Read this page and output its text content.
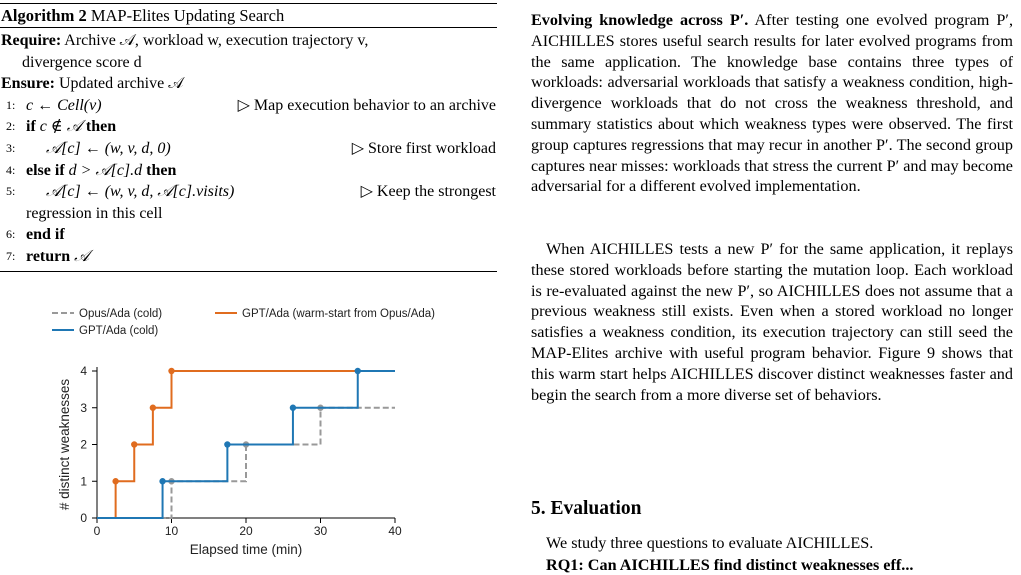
Algorithm 2 MAP-Elites Updating Search
Require: Archive 𝒜, workload w, execution trajectory v,
divergence score d
Ensure: Updated archive 𝒜
1: c ← Cell(v)	▷ Map execution behavior to an archive
2: if c ∉ 𝒜 then
3: 𝒜[c] ← (w, v, d, 0)	▷ Store first workload
4: else if d > 𝒜[c].d then
5: 𝒜[c] ← (w, v, d, 𝒜[c].visits)	▷ Keep the strongest
regression in this cell
6: end if
7: return 𝒜
0	10	20	30	40
0
1
2
3
4
Elapsed time (min)
# distinct weaknesses
Opus/Ada (cold)	GPT/Ada (warm-start from Opus/Ada)
GPT/Ada (cold)

Evolving knowledge across P′. After testing one evolved program P′, AICHILLES stores useful search results for later evolved programs from the same application. The knowledge base contains three types of workloads: adversarial workloads that satisfy a weakness condition, high-divergence workloads that do not cross the weakness threshold, and summary statistics about which weakness types were observed. The first group captures regressions that may recur in another P′. The second group captures near misses: workloads that stress the current P′ and may become adversarial for a different evolved implementation.

When AICHILLES tests a new P′ for the same application, it replays these stored workloads before starting the mutation loop. Each workload is re-evaluated against the new P′, so AICHILLES does not assume that a previous weakness still exists. Even when a stored workload no longer satisfies a weakness condition, its execution trajectory can still seed the MAP-Elites archive with useful program behavior. Figure 9 shows that this warm start helps AICHILLES discover distinct weaknesses faster and begin the search from a more diverse set of behaviors.

5. Evaluation
We study three questions to evaluate AICHILLES.
RQ1: Can AICHILLES find distinct weaknesses eff...
